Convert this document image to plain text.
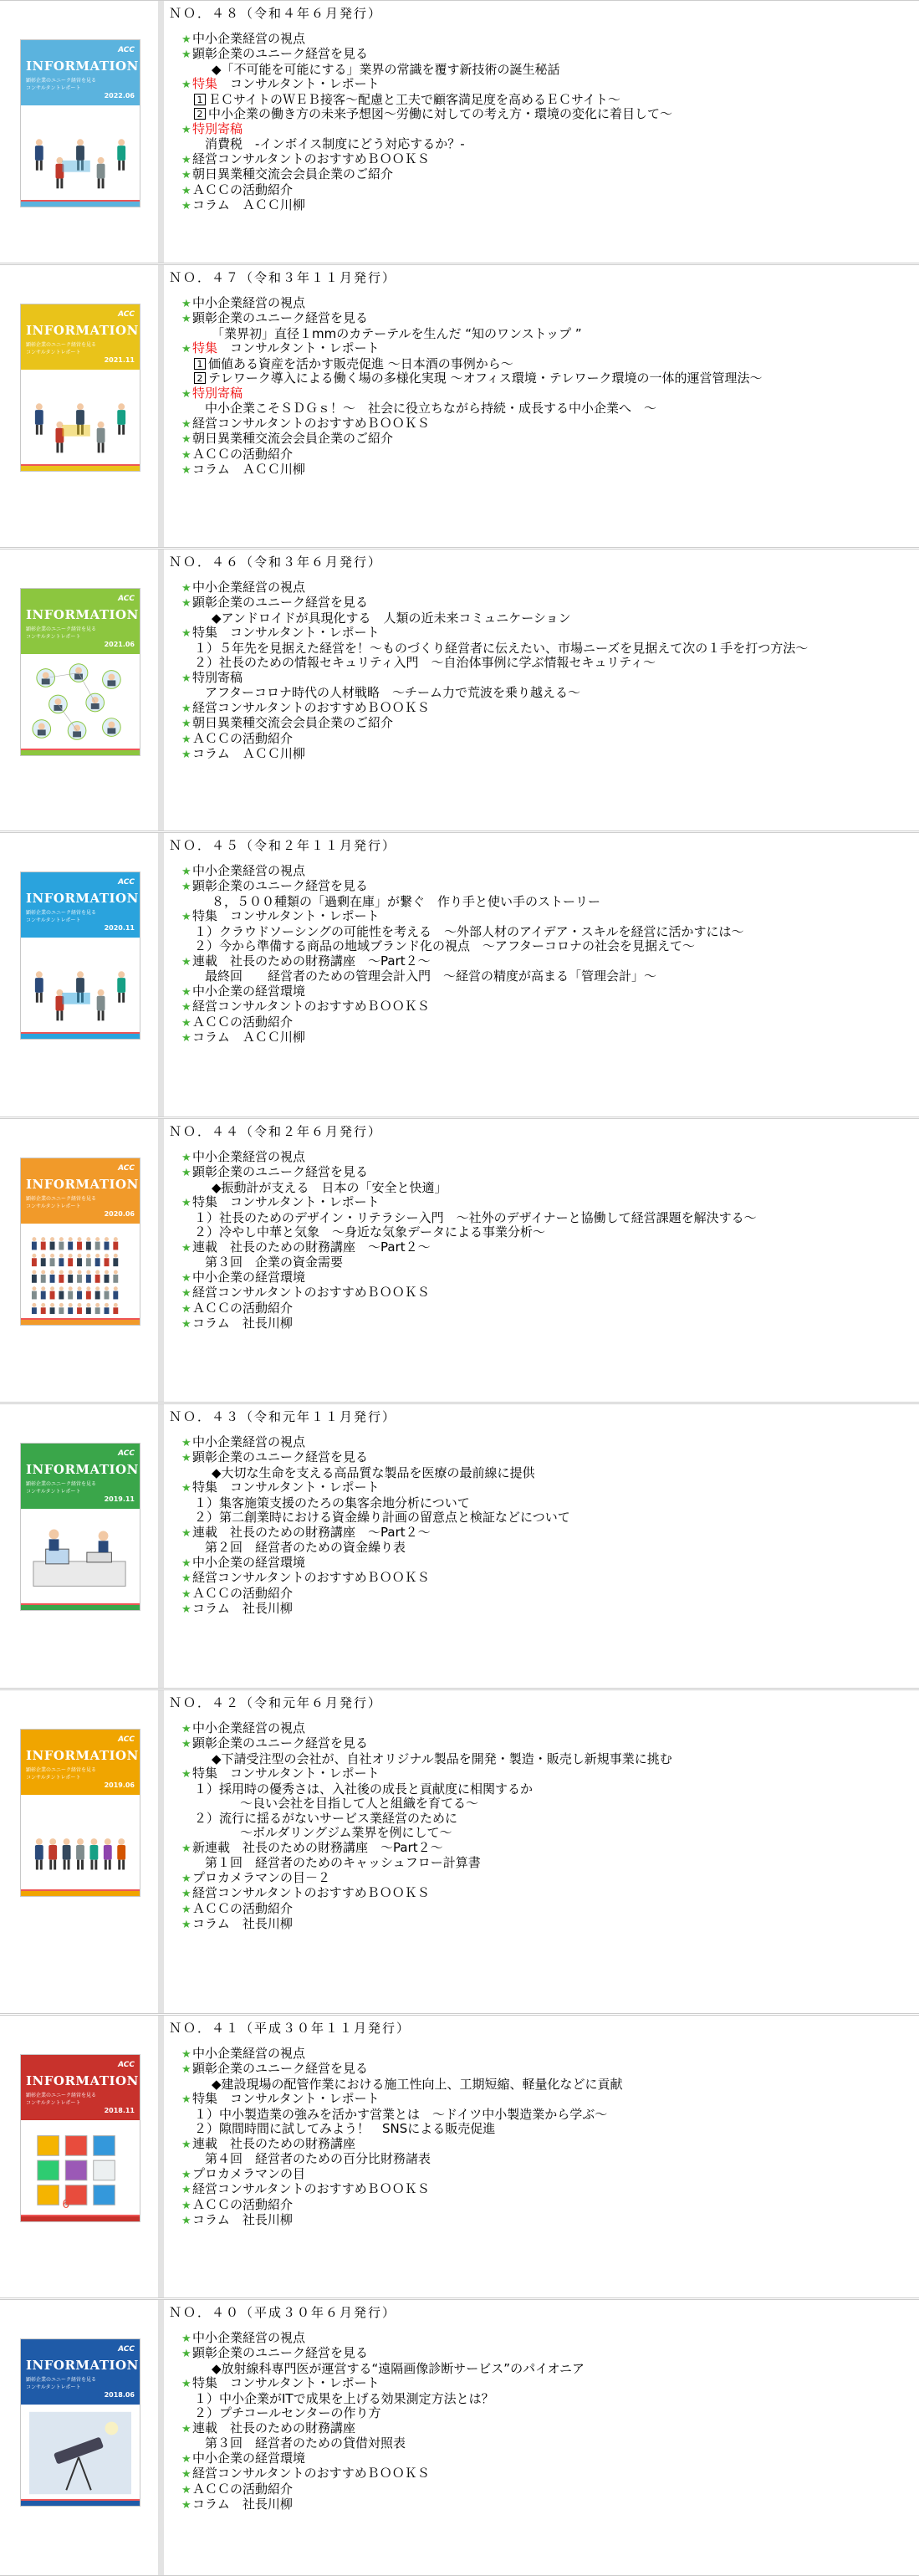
ACC
INFORMATION
顕彰企業のユニーク経営を見る
コンサルタントレポート
2022.06
ＮＯ．４８（令和４年６月発行）
★中小企業経営の視点
★顕彰企業のユニーク経営を見る
◆「不可能を可能にする」業界の常識を覆す新技術の誕生秘話
★特集　コンサルタント・レポート
1 ＥＣサイトのＷＥＢ接客～配慮と工夫で顧客満足度を高めるＥＣサイト～
2 中小企業の働き方の未来予想図～労働に対しての考え方・環境の変化に着目して～
★特別寄稿
消費税　-インボイス制度にどう対応するか？-
★経営コンサルタントのおすすめＢＯＯＫＳ
★朝日異業種交流会会員企業のご紹介
★ＡＣＣの活動紹介
★コラム　ＡＣＣ川柳
ACC
INFORMATION
顕彰企業のユニーク経営を見る
コンサルタントレポート
2021.11
ＮＯ．４７（令和３年１１月発行）
★中小企業経営の視点
★顕彰企業のユニーク経営を見る
「業界初」直径１mmのカテーテルを生んだ “知のワンストップ ”
★特集　コンサルタント・レポート
1 価値ある資産を活かす販売促進 ～日本酒の事例から～
2 テレワーク導入による働く場の多様化実現 ～オフィス環境・テレワーク環境の一体的運営管理法～
★特別寄稿
中小企業こそＳＤＧｓ！～　社会に役立ちながら持続・成長する中小企業へ　～
★経営コンサルタントのおすすめＢＯＯＫＳ
★朝日異業種交流会会員企業のご紹介
★ＡＣＣの活動紹介
★コラム　ＡＣＣ川柳
ACC
INFORMATION
顕彰企業のユニーク経営を見る
コンサルタントレポート
2021.06
ＮＯ．４６（令和３年６月発行）
★中小企業経営の視点
★顕彰企業のユニーク経営を見る
◆アンドロイドが具現化する　人類の近未来コミュニケーション
★特集　コンサルタント・レポート
１）５年先を見据えた経営を！～ものづくり経営者に伝えたい、市場ニーズを見据えて次の１手を打つ方法～
２）社長のための情報セキュリティ入門　～自治体事例に学ぶ情報セキュリティ～
★特別寄稿
アフターコロナ時代の人材戦略　～チーム力で荒波を乗り越える～
★経営コンサルタントのおすすめＢＯＯＫＳ
★朝日異業種交流会会員企業のご紹介
★ＡＣＣの活動紹介
★コラム　ＡＣＣ川柳
ACC
INFORMATION
顕彰企業のユニーク経営を見る
コンサルタントレポート
2020.11
ＮＯ．４５（令和２年１１月発行）
★中小企業経営の視点
★顕彰企業のユニーク経営を見る
８，５００種類の「過剰在庫」が繋ぐ　作り手と使い手のストーリー
★特集　コンサルタント・レポート
１）クラウドソーシングの可能性を考える　～外部人材のアイデア・スキルを経営に活かすには～
２）今から準備する商品の地域ブランド化の視点　～アフターコロナの社会を見据えて～
★連載　社長のための財務講座　～Part２～
最終回　　経営者のための管理会計入門　～経営の精度が高まる「管理会計」～
★中小企業の経営環境
★経営コンサルタントのおすすめＢＯＯＫＳ
★ＡＣＣの活動紹介
★コラム　ＡＣＣ川柳
ACC
INFORMATION
顕彰企業のユニーク経営を見る
コンサルタントレポート
2020.06
ＮＯ．４４（令和２年６月発行）
★中小企業経営の視点
★顕彰企業のユニーク経営を見る
◆振動計が支える　日本の「安全と快適」
★特集　コンサルタント・レポート
１）社長のためのデザイン・リテラシー入門　～社外のデザイナーと協働して経営課題を解決する～
２）冷やし中華と気象　～身近な気象データによる事業分析～
★連載　社長のための財務講座　～Part２～
第３回　企業の資金需要
★中小企業の経営環境
★経営コンサルタントのおすすめＢＯＯＫＳ
★ＡＣＣの活動紹介
★コラム　社長川柳
ACC
INFORMATION
顕彰企業のユニーク経営を見る
コンサルタントレポート
2019.11
ＮＯ．４３（令和元年１１月発行）
★中小企業経営の視点
★顕彰企業のユニーク経営を見る
◆大切な生命を支える高品質な製品を医療の最前線に提供
★特集　コンサルタント・レポート
１）集客施策支援のたろの集客余地分析について
２）第二創業時における資金繰り計画の留意点と検証などについて
★連載　社長のための財務講座　～Part２～
第２回　経営者のための資金繰り表
★中小企業の経営環境
★経営コンサルタントのおすすめＢＯＯＫＳ
★ＡＣＣの活動紹介
★コラム　社長川柳
ACC
INFORMATION
顕彰企業のユニーク経営を見る
コンサルタントレポート
2019.06
ＮＯ．４２（令和元年６月発行）
★中小企業経営の視点
★顕彰企業のユニーク経営を見る
◆下請受注型の会社が、自社オリジナル製品を開発・製造・販売し新規事業に挑む
★特集　コンサルタント・レポート
１）採用時の優秀さは、入社後の成長と貢献度に相関するか
～良い会社を目指して人と組織を育てる～
２）流行に揺るがないサービス業経営のために
～ボルダリングジム業界を例にして～
★新連載　社長のための財務講座　～Part２～
第１回　経営者のためのキャッシュフロー計算書
★プロカメラマンの目－２
★経営コンサルタントのおすすめＢＯＯＫＳ
★ＡＣＣの活動紹介
★コラム　社長川柳
ACC
INFORMATION
顕彰企業のユニーク経営を見る
コンサルタントレポート
2018.11
6
ＮＯ．４１（平成３０年１１月発行）
★中小企業経営の視点
★顕彰企業のユニーク経営を見る
◆建設現場の配管作業における施工性向上、工期短縮、軽量化などに貢献
★特集　コンサルタント・レポート
１）中小製造業の強みを活かす営業とは　～ドイツ中小製造業から学ぶ～
２）隙間時間に試してみよう！　SNSによる販売促進
★連載　社長のための財務講座
第４回　経営者のための百分比財務諸表
★プロカメラマンの目
★経営コンサルタントのおすすめＢＯＯＫＳ
★ＡＣＣの活動紹介
★コラム　社長川柳
ACC
INFORMATION
顕彰企業のユニーク経営を見る
コンサルタントレポート
2018.06
ＮＯ．４０（平成３０年６月発行）
★中小企業経営の視点
★顕彰企業のユニーク経営を見る
◆放射線科専門医が運営する“遠隔画像診断サービス”のパイオニア
★特集　コンサルタント・レポート
１）中小企業がITで成果を上げる効果測定方法とは？
２）プチコールセンターの作り方
★連載　社長のための財務講座
第３回　経営者のための貸借対照表
★中小企業の経営環境
★経営コンサルタントのおすすめＢＯＯＫＳ
★ＡＣＣの活動紹介
★コラム　社長川柳
